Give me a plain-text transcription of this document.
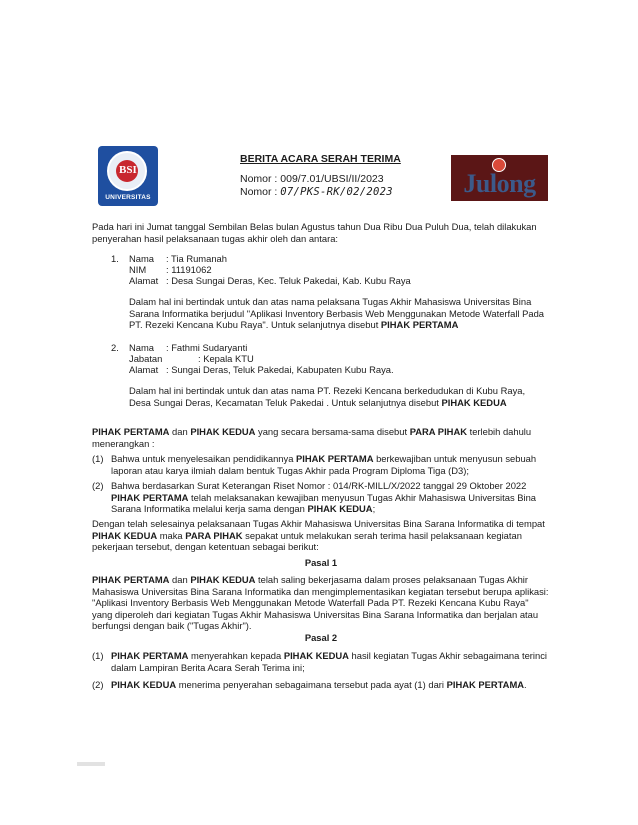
BSI
UNIVERSITAS	Julong
BERITA ACARA SERAH TERIMA
Nomor : 009/7.01/UBSI/II/2023
Nomor : 07/PKS-RK/02/2023
Pada hari ini Jumat tanggal Sembilan Belas bulan Agustus tahun Dua Ribu Dua Puluh Dua, telah dilakukan penyerahan hasil pelaksanaan tugas akhir oleh dan antara:
1. Nama : Tia Rumanah
NIM : 11191062
Alamat : Desa Sungai Deras, Kec. Teluk Pakedai, Kab. Kubu Raya
Dalam hal ini bertindak untuk dan atas nama pelaksana Tugas Akhir Mahasiswa Universitas Bina Sarana Informatika berjudul "Aplikasi Inventory Berbasis Web Menggunakan Metode Waterfall Pada PT. Rezeki Kencana Kubu Raya". Untuk selanjutnya disebut PIHAK PERTAMA
2. Nama : Fathmi Sudaryanti
Jabatan	: Kepala KTU
Alamat : Sungai Deras, Teluk Pakedai, Kabupaten Kubu Raya.
Dalam hal ini bertindak untuk dan atas nama PT. Rezeki Kencana berkedudukan di Kubu Raya, Desa Sungai Deras, Kecamatan Teluk Pakedai . Untuk selanjutnya disebut PIHAK KEDUA
PIHAK PERTAMA dan PIHAK KEDUA yang secara bersama-sama disebut PARA PIHAK terlebih dahulu menerangkan :
(1) Bahwa untuk menyelesaikan pendidikannya PIHAK PERTAMA berkewajiban untuk menyusun sebuah laporan atau karya ilmiah dalam bentuk Tugas Akhir pada Program Diploma Tiga (D3);
(2) Bahwa berdasarkan Surat Keterangan Riset Nomor : 014/RK-MILL/X/2022 tanggal 29 Oktober 2022 PIHAK PERTAMA telah melaksanakan kewajiban menyusun Tugas Akhir Mahasiswa Universitas Bina Sarana Informatika melalui kerja sama dengan PIHAK KEDUA;
Dengan telah selesainya pelaksanaan Tugas Akhir Mahasiswa Universitas Bina Sarana Informatika di tempat PIHAK KEDUA maka PARA PIHAK sepakat untuk melakukan serah terima hasil pelaksanaan kegiatan pekerjaan tersebut, dengan ketentuan sebagai berikut:
Pasal 1
PIHAK PERTAMA dan PIHAK KEDUA telah saling bekerjasama dalam proses pelaksanaan Tugas Akhir Mahasiswa Universitas Bina Sarana Informatika dan mengimplementasikan kegiatan tersebut berupa aplikasi: "Aplikasi Inventory Berbasis Web Menggunakan Metode Waterfall Pada PT. Rezeki Kencana Kubu Raya" yang diperoleh dari kegiatan Tugas Akhir Mahasiswa Universitas Bina Sarana Informatika dan berjalan atau berfungsi dengan baik ("Tugas Akhir").
Pasal 2
(1) PIHAK PERTAMA menyerahkan kepada PIHAK KEDUA hasil kegiatan Tugas Akhir sebagaimana terinci dalam Lampiran Berita Acara Serah Terima ini;
(2) PIHAK KEDUA menerima penyerahan sebagaimana tersebut pada ayat (1) dari PIHAK PERTAMA.
